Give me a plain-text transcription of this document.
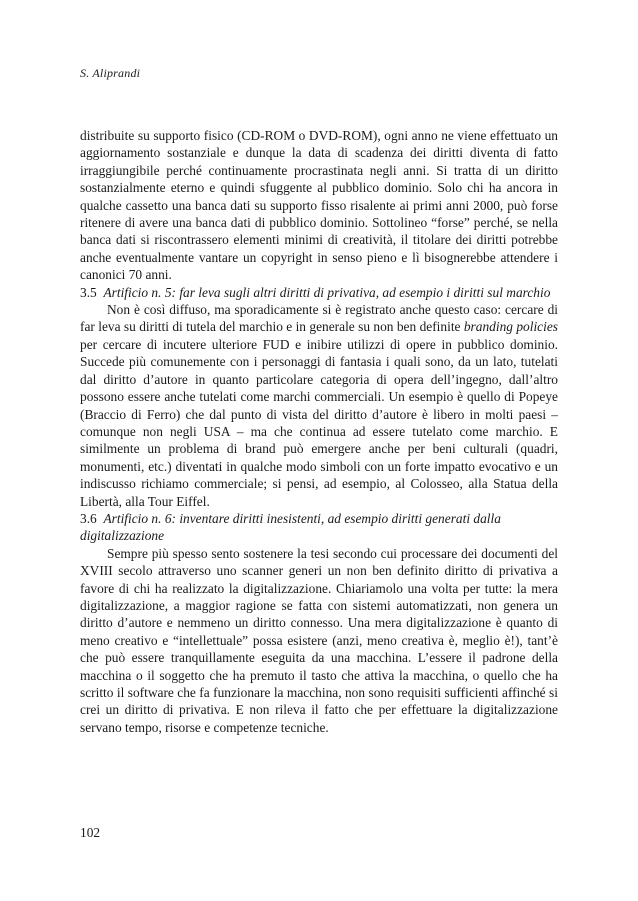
S. Aliprandi

distribuite su supporto fisico (CD-ROM o DVD-ROM), ogni anno ne viene effettuato un aggiornamento sostanziale e dunque la data di scadenza dei diritti diventa di fatto irraggiungibile perché continuamente procrastinata negli anni. Si tratta di un diritto sostanzialmente eterno e quindi sfuggente al pubblico dominio. Solo chi ha ancora in qualche cassetto una banca dati su supporto fisso risalente ai primi anni 2000, può forse ritenere di avere una banca dati di pubblico dominio. Sottolineo “forse” perché, se nella banca dati si riscontrassero elementi minimi di creatività, il titolare dei diritti potrebbe anche eventualmente vantare un copyright in senso pieno e lì bisognerebbe attendere i canonici 70 anni.

3.5 Artificio n. 5: far leva sugli altri diritti di privativa, ad esempio i diritti sul marchio

Non è così diffuso, ma sporadicamente si è registrato anche questo caso: cercare di far leva su diritti di tutela del marchio e in generale su non ben definite branding policies per cercare di incutere ulteriore FUD e inibire utilizzi di opere in pubblico dominio. Succede più comunemente con i personaggi di fantasia i quali sono, da un lato, tutelati dal diritto d’autore in quanto particolare categoria di opera dell’ingegno, dall’altro possono essere anche tutelati come marchi commerciali. Un esempio è quello di Popeye (Braccio di Ferro) che dal punto di vista del diritto d’autore è libero in molti paesi – comunque non negli USA – ma che continua ad essere tutelato come marchio. E similmente un problema di brand può emergere anche per beni culturali (quadri, monumenti, etc.) diventati in qualche modo simboli con un forte impatto evocativo e un indiscusso richiamo commerciale; si pensi, ad esempio, al Colosseo, alla Statua della Libertà, alla Tour Eiffel.

3.6 Artificio n. 6: inventare diritti inesistenti, ad esempio diritti generati dalla digitalizzazione

Sempre più spesso sento sostenere la tesi secondo cui processare dei documenti del XVIII secolo attraverso uno scanner generi un non ben definito diritto di privativa a favore di chi ha realizzato la digitalizzazione. Chiariamolo una volta per tutte: la mera digitalizzazione, a maggior ragione se fatta con sistemi automatizzati, non genera un diritto d’autore e nemmeno un diritto connesso. Una mera digitalizzazione è quanto di meno creativo e “intellettuale” possa esistere (anzi, meno creativa è, meglio è!), tant’è che può essere tranquillamente eseguita da una macchina. L’essere il padrone della macchina o il soggetto che ha premuto il tasto che attiva la macchina, o quello che ha scritto il software che fa funzionare la macchina, non sono requisiti sufficienti affinché si crei un diritto di privativa. E non rileva il fatto che per effettuare la digitalizzazione servano tempo, risorse e competenze tecniche.

102
